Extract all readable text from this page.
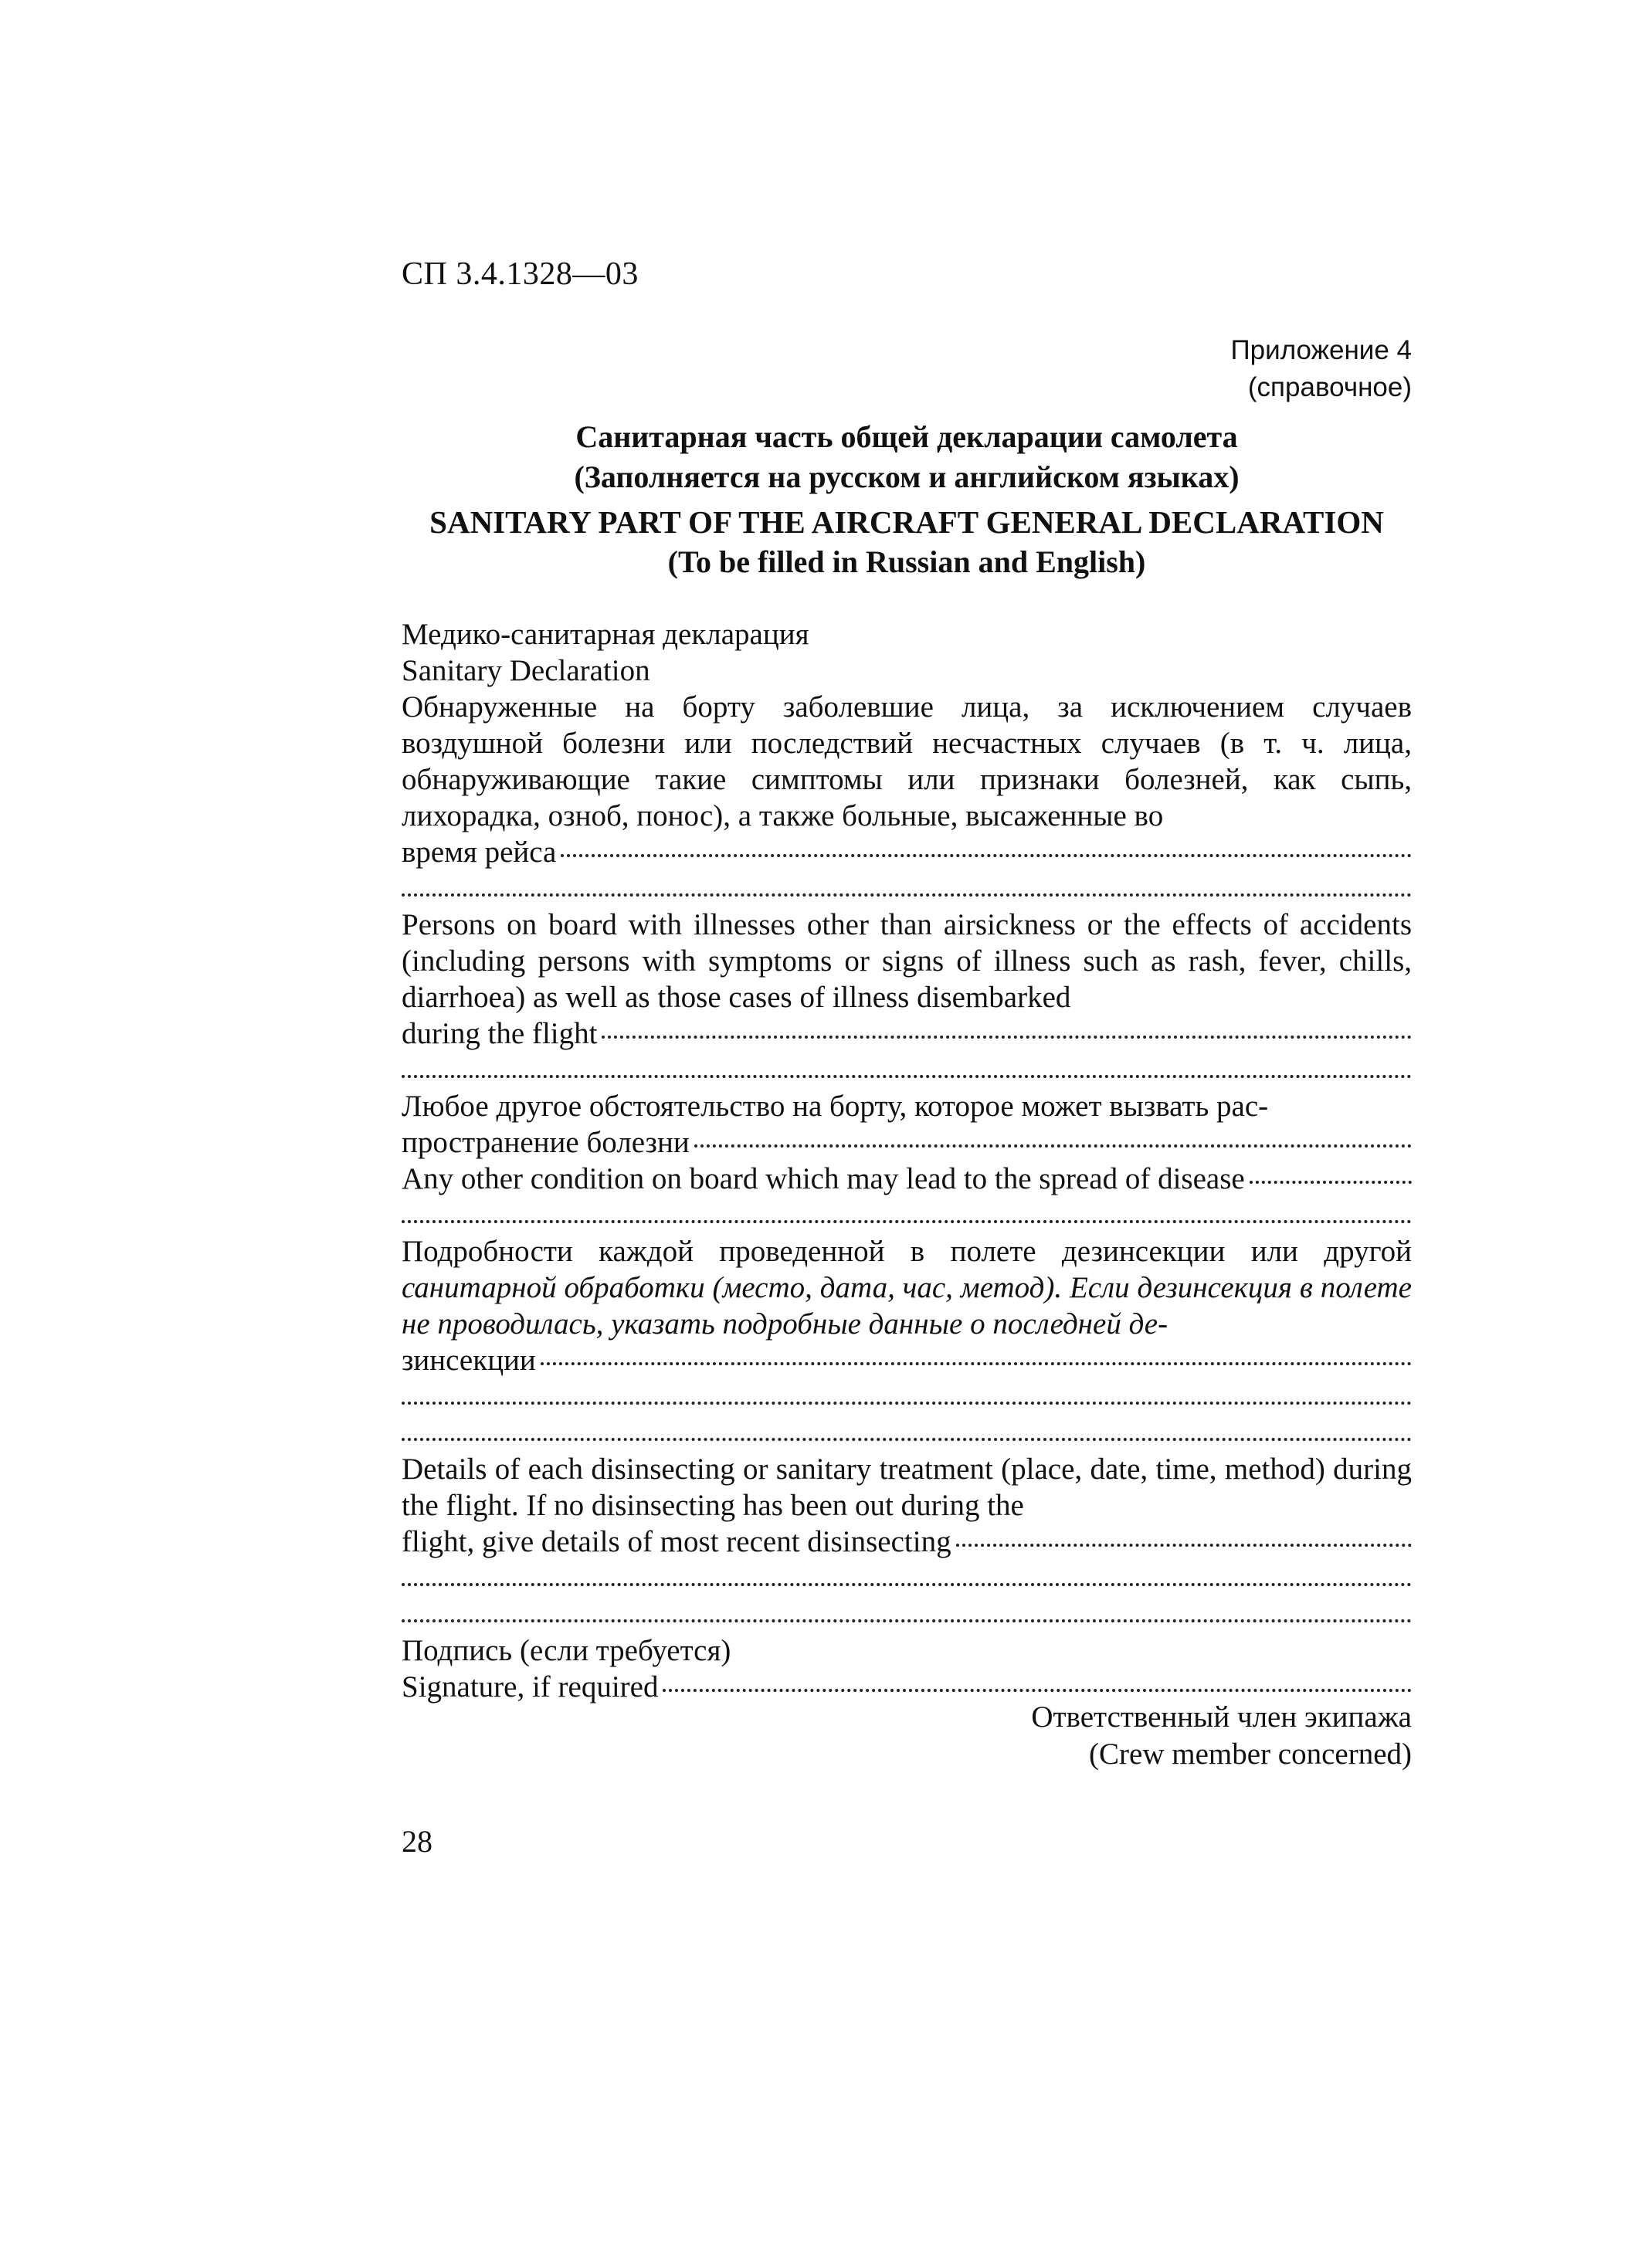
СП 3.4.1328—03
Приложение 4
(справочное)
Санитарная часть общей декларации самолета
(Заполняется на русском и английском языках)
SANITARY PART OF THE AIRCRAFT GENERAL DECLARATION
(To be filled in Russian and English)
Медико-санитарная декларация
Sanitary Declaration
Обнаруженные на борту заболевшие лица, за исключением случаев воздушной болезни или последствий несчастных случаев (в т. ч. лица, обнаруживающие такие симптомы или признаки болезней, как сыпь, лихорадка, озноб, понос), а также больные, высаженные во
время рейса
Persons on board with illnesses other than airsickness or the effects of accidents (including persons with symptoms or signs of illness such as rash, fever, chills, diarrhoea) as well as those cases of illness disembarked
during the flight
Любое другое обстоятельство на борту, которое может вызвать рас-
пространение болезни
Any other condition on board which may lead to the spread of disease
Подробности каждой проведенной в полете дезинсекции или другой санитарной обработки (место, дата, час, метод). Если дезинсекция в полете не проводилась, указать подробные данные о последней де-
зинсекции
Details of each disinsecting or sanitary treatment (place, date, time, method) during the flight. If no disinsecting has been out during the
flight, give details of most recent disinsecting
Подпись (если требуется)
Signature, if required
Ответственный член экипажа
(Crew member concerned)
28
